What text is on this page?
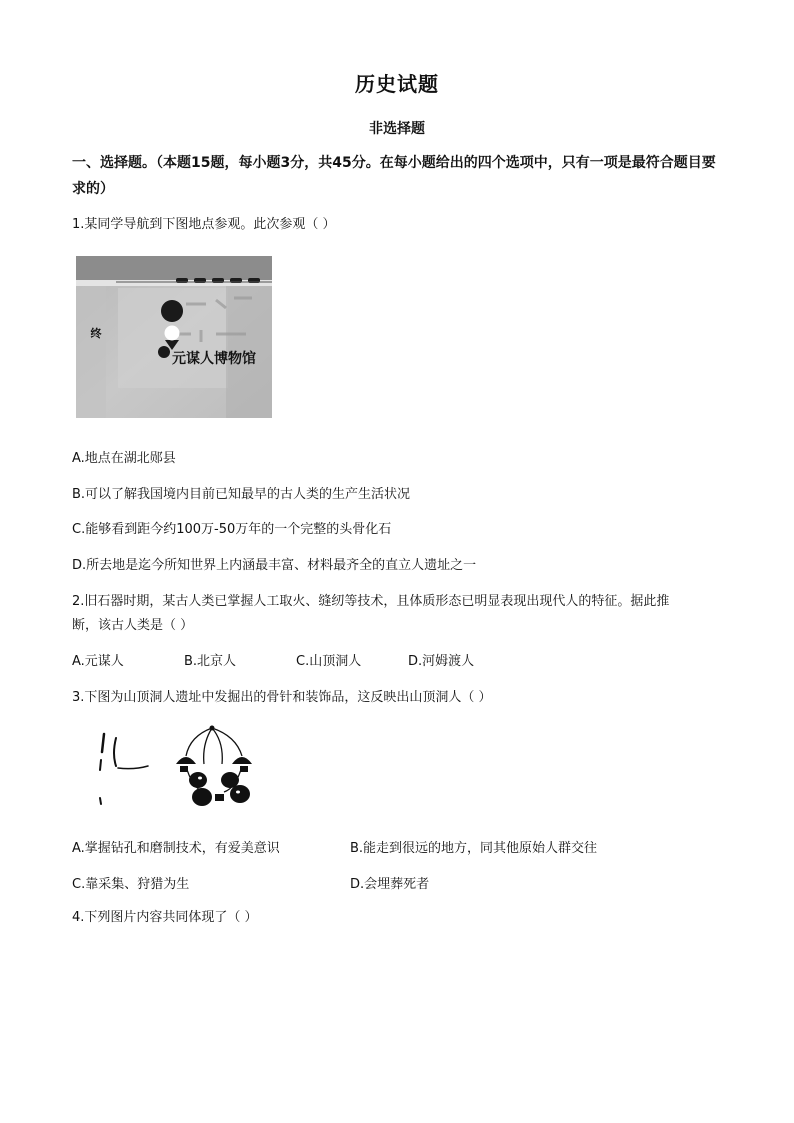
历史试题
非选择题
一、选择题。（本题15题，每小题3分，共45分。在每小题给出的四个选项中，只有一项是最符合题目要求的）
1.某同学导航到下图地点参观。此次参观（ ）
终
元谋人博物馆
A.地点在湖北郧县
B.可以了解我国境内目前已知最早的古人类的生产生活状况
C.能够看到距今约100万-50万年的一个完整的头骨化石
D.所去地是迄今所知世界上内涵最丰富、材料最齐全的直立人遗址之一
2.旧石器时期，某古人类已掌握人工取火、缝纫等技术，且体质形态已明显表现出现代人的特征。据此推
断，该古人类是（ ）
A.元谋人	B.北京人	C.山顶洞人	D.河姆渡人
3.下图为山顶洞人遗址中发掘出的骨针和装饰品，这反映出山顶洞人（ ）
A.掌握钻孔和磨制技术，有爱美意识	B.能走到很远的地方，同其他原始人群交往
C.靠采集、狩猎为生	D.会埋葬死者
4.下列图片内容共同体现了（ ）
